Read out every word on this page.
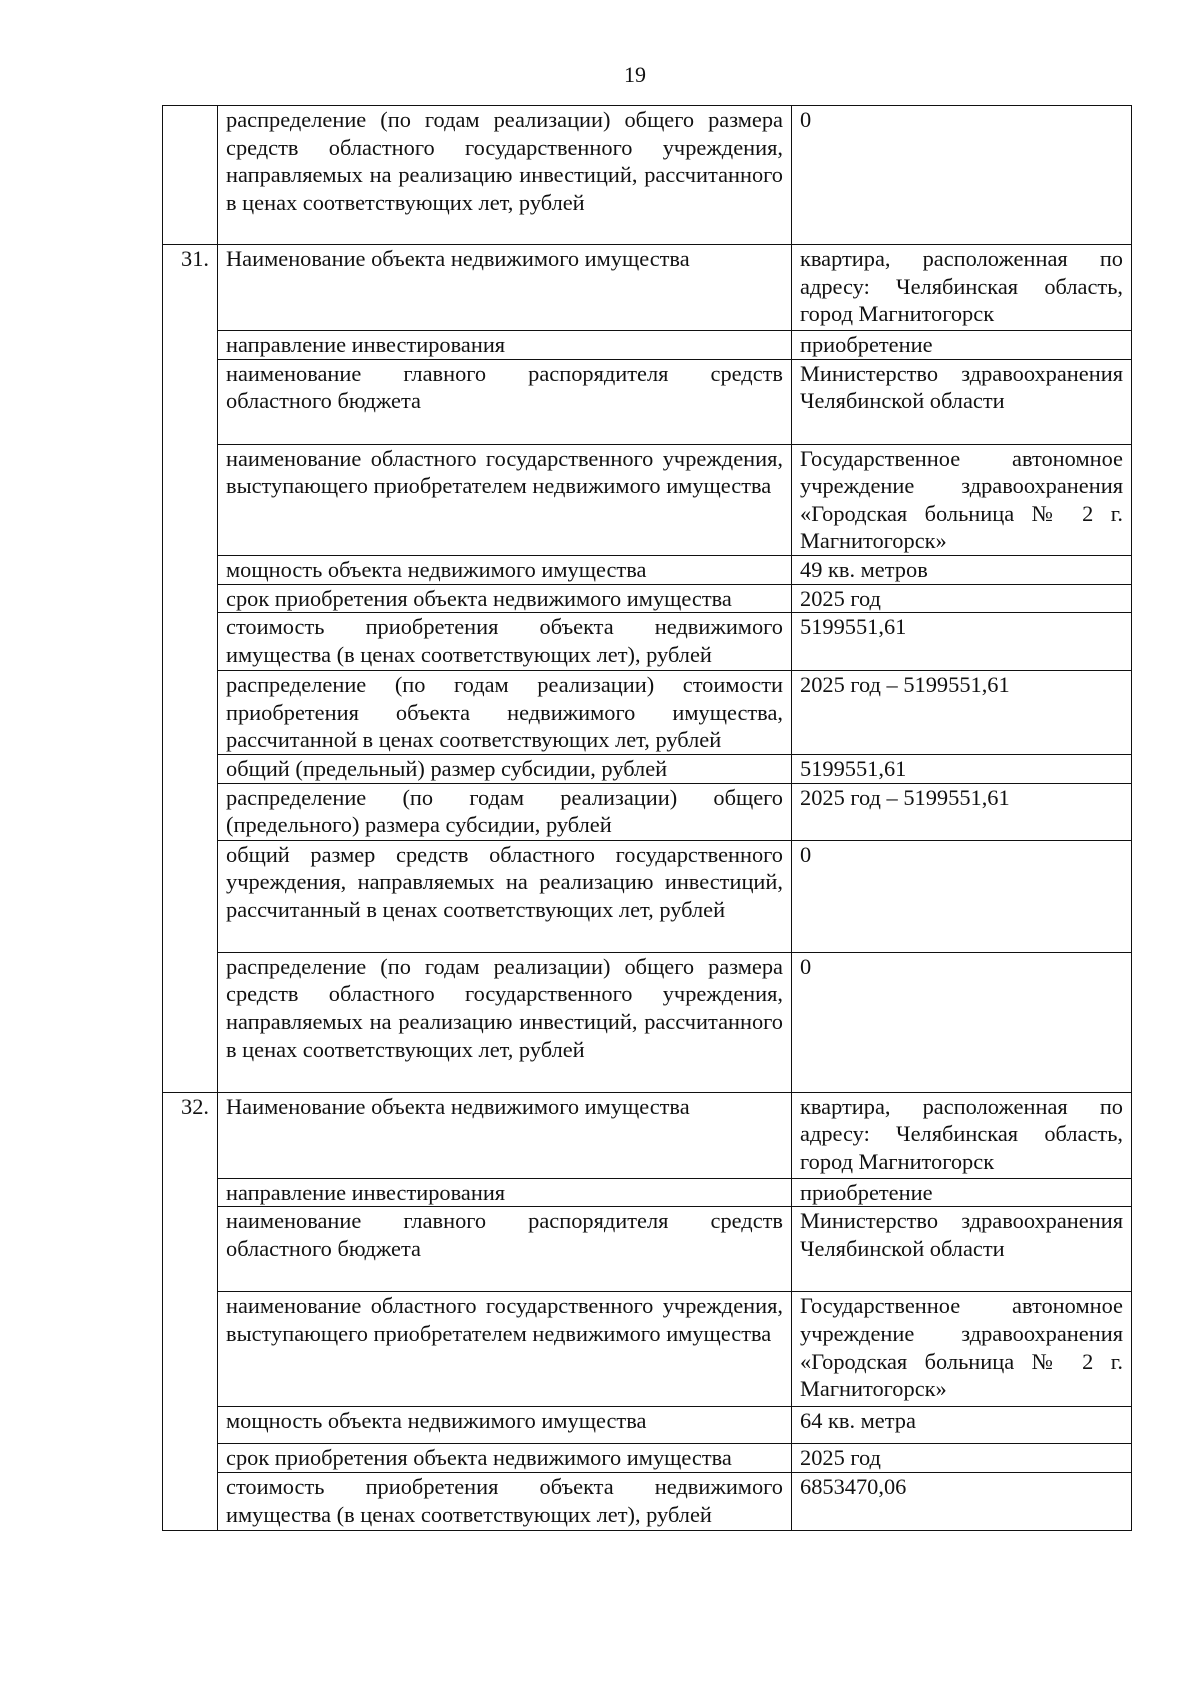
19
	распределение (по годам реализации) общего размера средств областного государственного учреждения, направляемых на реализацию инвестиций, рассчитанного в ценах соответствующих лет, рублей	0
31.	Наименование объекта недвижимого имущества	квартира, расположенная по адресу: Челябинская область, город Магнитогорск
	направление инвестирования	приобретение
	наименование главного распорядителя средств областного бюджета	Министерство здравоохранения Челябинской области
	наименование областного государственного учреждения, выступающего приобретателем недвижимого имущества	Государственное автономное учреждение здравоохранения «Городская больница № 2 г. Магнитогорск»
	мощность объекта недвижимого имущества	49 кв. метров
	срок приобретения объекта недвижимого имущества	2025 год
	стоимость приобретения объекта недвижимого имущества (в ценах соответствующих лет), рублей	5199551,61
	распределение (по годам реализации) стоимости приобретения объекта недвижимого имущества, рассчитанной в ценах соответствующих лет, рублей	2025 год – 5199551,61
	общий (предельный) размер субсидии, рублей	5199551,61
	распределение (по годам реализации) общего (предельного) размера субсидии, рублей	2025 год – 5199551,61
	общий размер средств областного государственного учреждения, направляемых на реализацию инвестиций, рассчитанный в ценах соответствующих лет, рублей	0
	распределение (по годам реализации) общего размера средств областного государственного учреждения, направляемых на реализацию инвестиций, рассчитанного в ценах соответствующих лет, рублей	0
32.	Наименование объекта недвижимого имущества	квартира, расположенная по адресу: Челябинская область, город Магнитогорск
	направление инвестирования	приобретение
	наименование главного распорядителя средств областного бюджета	Министерство здравоохранения Челябинской области
	наименование областного государственного учреждения, выступающего приобретателем недвижимого имущества	Государственное автономное учреждение здравоохранения «Городская больница № 2 г. Магнитогорск»
	мощность объекта недвижимого имущества	64 кв. метра
	срок приобретения объекта недвижимого имущества	2025 год
	стоимость приобретения объекта недвижимого имущества (в ценах соответствующих лет), рублей	6853470,06
